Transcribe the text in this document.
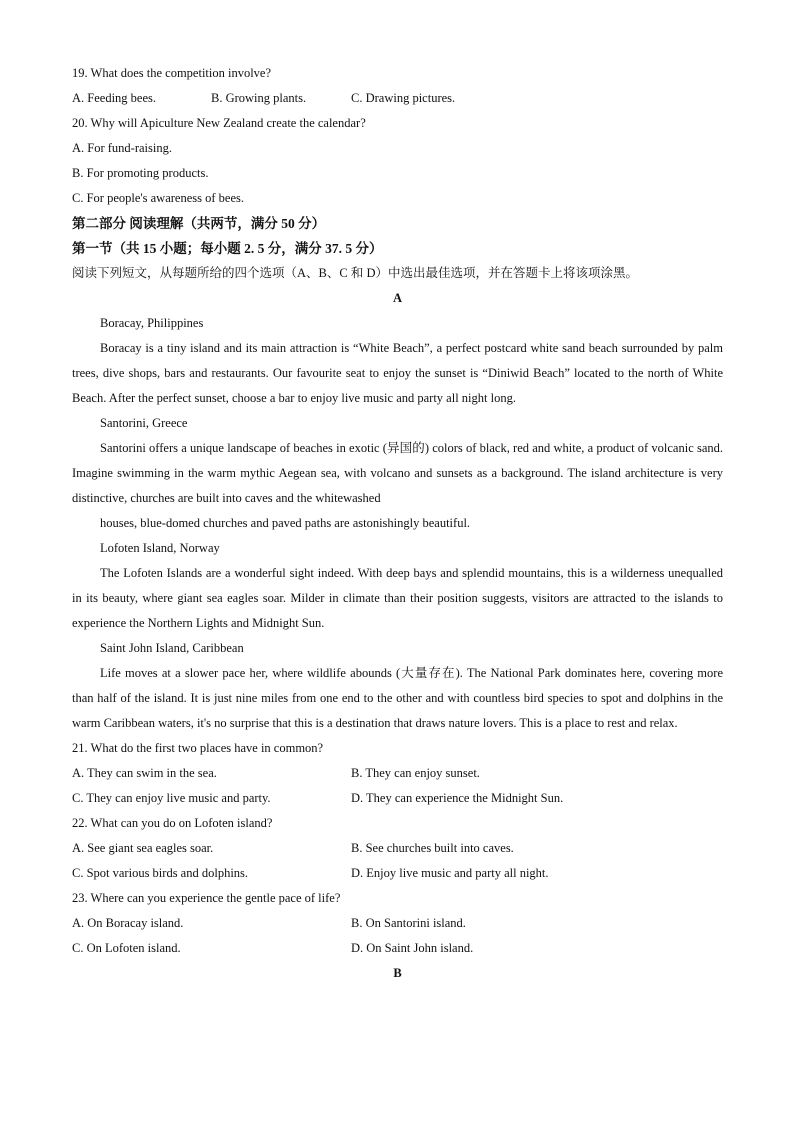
19. What does the competition involve?
A. Feeding bees.	B. Growing plants.	C. Drawing pictures.
20. Why will Apiculture New Zealand create the calendar?
A. For fund-raising.
B. For promoting products.
C. For people's awareness of bees.
第二部分 阅读理解（共两节，满分 50 分）
第一节（共 15 小题；每小题 2. 5 分，满分 37. 5 分）
阅读下列短文，从每题所给的四个选项（A、B、C 和 D）中选出最佳选项，并在答题卡上将该项涂黑。
A
Boracay, Philippines
Boracay is a tiny island and its main attraction is “White Beach”, a perfect postcard white sand beach surrounded by palm trees, dive shops, bars and restaurants. Our favourite seat to enjoy the sunset is “Diniwid Beach” located to the north of White Beach. After the perfect sunset, choose a bar to enjoy live music and party all night long.
Santorini, Greece
Santorini offers a unique landscape of beaches in exotic (异国的) colors of black, red and white, a product of volcanic sand. Imagine swimming in the warm mythic Aegean sea, with volcano and sunsets as a background. The island architecture is very distinctive, churches are built into caves and the whitewashed
houses, blue-domed churches and paved paths are astonishingly beautiful.
Lofoten Island, Norway
The Lofoten Islands are a wonderful sight indeed. With deep bays and splendid mountains, this is a wilderness unequalled in its beauty, where giant sea eagles soar. Milder in climate than their position suggests, visitors are attracted to the islands to experience the Northern Lights and Midnight Sun.
Saint John Island, Caribbean
Life moves at a slower pace her, where wildlife abounds (大量存在). The National Park dominates here, covering more than half of the island. It is just nine miles from one end to the other and with countless bird species to spot and dolphins in the warm Caribbean waters, it's no surprise that this is a destination that draws nature lovers. This is a place to rest and relax.
21. What do the first two places have in common?
A. They can swim in the sea.	B. They can enjoy sunset.
C. They can enjoy live music and party.	D. They can experience the Midnight Sun.
22. What can you do on Lofoten island?
A. See giant sea eagles soar.	B. See churches built into caves.
C. Spot various birds and dolphins.	D. Enjoy live music and party all night.
23. Where can you experience the gentle pace of life?
A. On Boracay island.	B. On Santorini island.
C. On Lofoten island.	D. On Saint John island.
B
